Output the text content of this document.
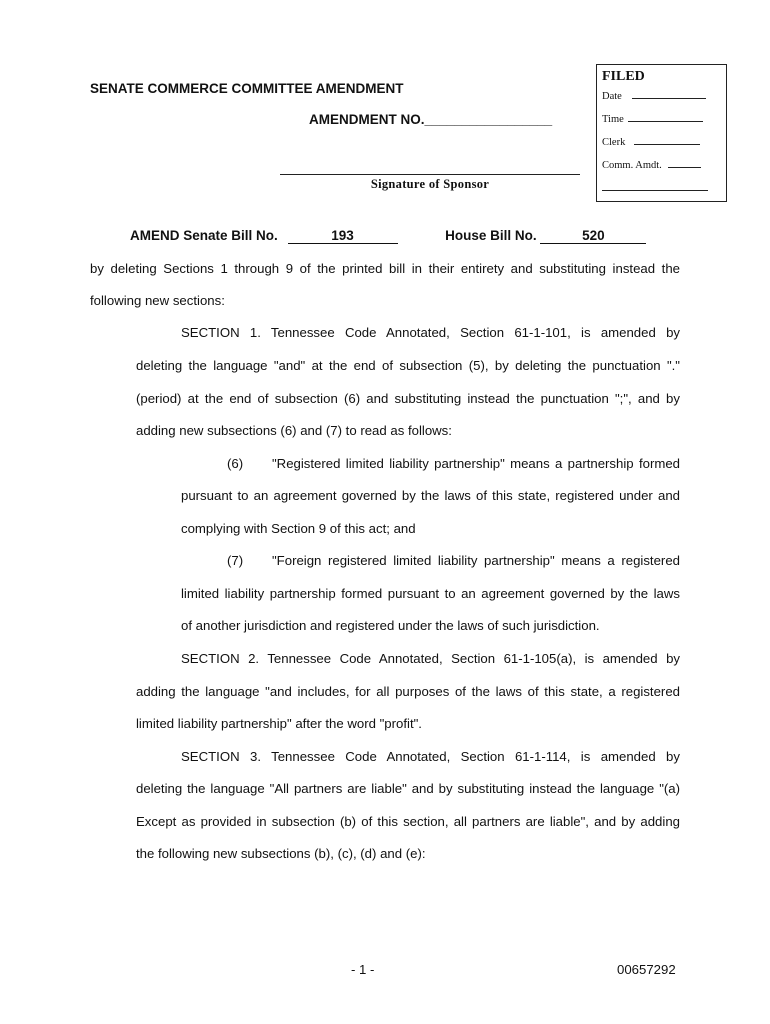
SENATE COMMERCE COMMITTEE AMENDMENT
AMENDMENT NO._________________
FILED
Date
Time
Clerk
Comm. Amdt.
Signature of Sponsor
AMEND Senate Bill No.	193	House Bill No.	520
by deleting Sections 1 through 9 of the printed bill in their entirety and substituting instead the
following new sections:
SECTION 1. Tennessee Code Annotated, Section 61-1-101, is amended by
deleting the language "and" at the end of subsection (5), by deleting the punctuation "."
(period) at the end of subsection (6) and substituting instead the punctuation ";", and by
adding new subsections (6) and (7) to read as follows:
(6) "Registered limited liability partnership" means a partnership formed
pursuant to an agreement governed by the laws of this state, registered under and
complying with Section 9 of this act; and
(7) "Foreign registered limited liability partnership" means a registered
limited liability partnership formed pursuant to an agreement governed by the laws
of another jurisdiction and registered under the laws of such jurisdiction.
SECTION 2. Tennessee Code Annotated, Section 61-1-105(a), is amended by
adding the language "and includes, for all purposes of the laws of this state, a registered
limited liability partnership" after the word "profit".
SECTION 3. Tennessee Code Annotated, Section 61-1-114, is amended by
deleting the language "All partners are liable" and by substituting instead the language "(a)
Except as provided in subsection (b) of this section, all partners are liable", and by adding
the following new subsections (b), (c), (d) and (e):
- 1 -	00657292
